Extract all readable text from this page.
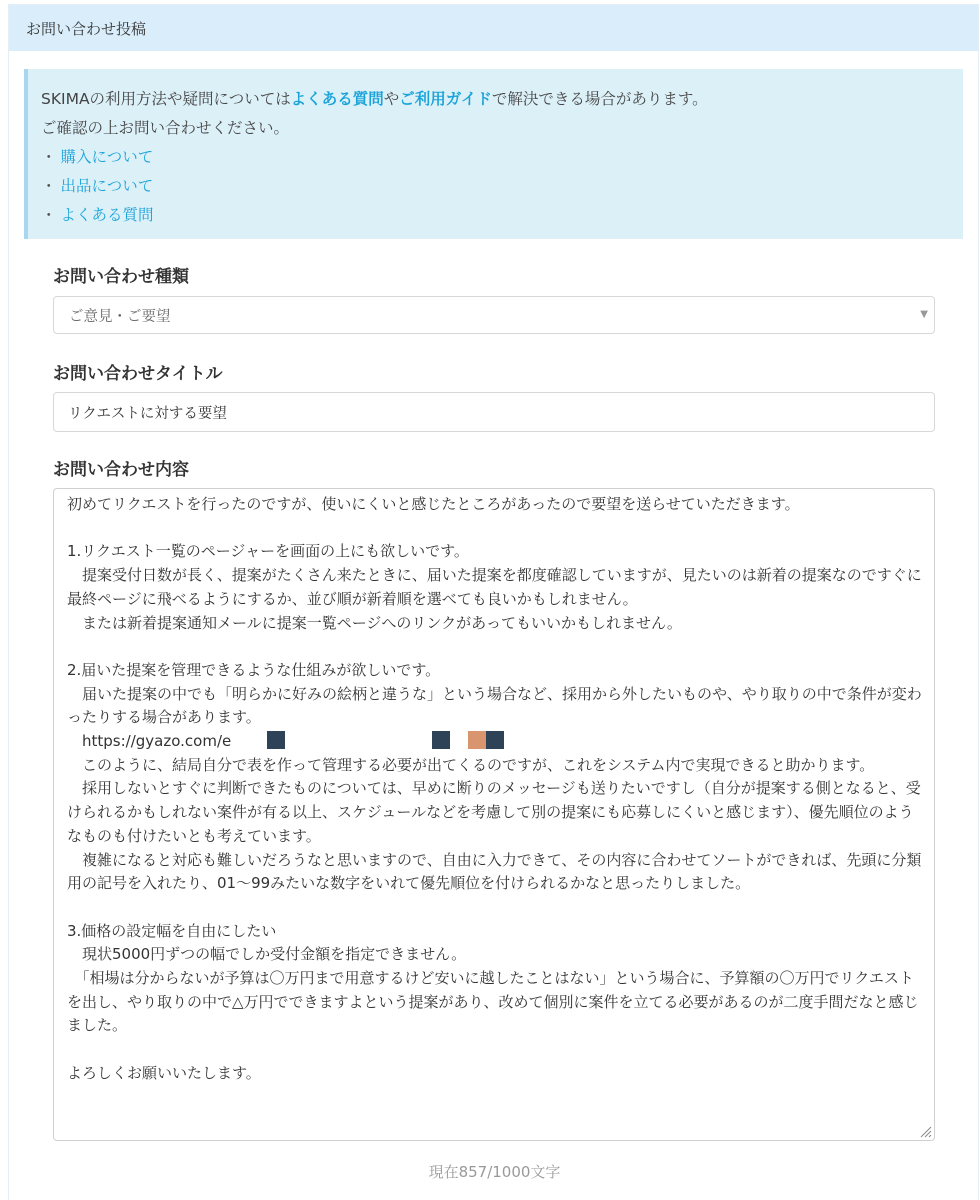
お問い合わせ投稿
SKIMAの利用方法や疑問についてはよくある質問やご利用ガイドで解決できる場合があります。
ご確認の上お問い合わせください。
・ 購入について
・ 出品について
・ よくある質問
お問い合わせ種類
ご意見・ご要望	▼
お問い合わせタイトル
リクエストに対する要望
お問い合わせ内容

初めてリクエストを行ったのですが、使いにくいと感じたところがあったので要望を送らせていただきます。

1.リクエスト一覧のページャーを画面の上にも欲しいです。

　提案受付日数が長く、提案がたくさん来たときに、届いた提案を都度確認していますが、見たいのは新着の提案なのですぐに最終ページに飛べるようにするか、並び順が新着順を選べても良いかもしれません。

　または新着提案通知メールに提案一覧ページへのリンクがあってもいいかもしれません。

2.届いた提案を管理できるような仕組みが欲しいです。

　届いた提案の中でも「明らかに好みの絵柄と違うな」という場合など、採用から外したいものや、やり取りの中で条件が変わったりする場合があります。

　https://gyazo.com/e

　このように、結局自分で表を作って管理する必要が出てくるのですが、これをシステム内で実現できると助かります。

　採用しないとすぐに判断できたものについては、早めに断りのメッセージも送りたいですし（自分が提案する側となると、受けられるかもしれない案件が有る以上、スケジュールなどを考慮して別の提案にも応募しにくいと感じます）、優先順位のようなものも付けたいとも考えています。

　複雑になると対応も難しいだろうなと思いますので、自由に入力できて、その内容に合わせてソートができれば、先頭に分類用の記号を入れたり、01～99みたいな数字をいれて優先順位を付けられるかなと思ったりしました。

3.価格の設定幅を自由にしたい

　現状5000円ずつの幅でしか受付金額を指定できません。

　「相場は分からないが予算は〇万円まで用意するけど安いに越したことはない」という場合に、予算額の〇万円でリクエストを出し、やり取りの中で△万円でできますよという提案があり、改めて個別に案件を立てる必要があるのが二度手間だなと感じました。

よろしくお願いいたします。

現在857/1000文字
